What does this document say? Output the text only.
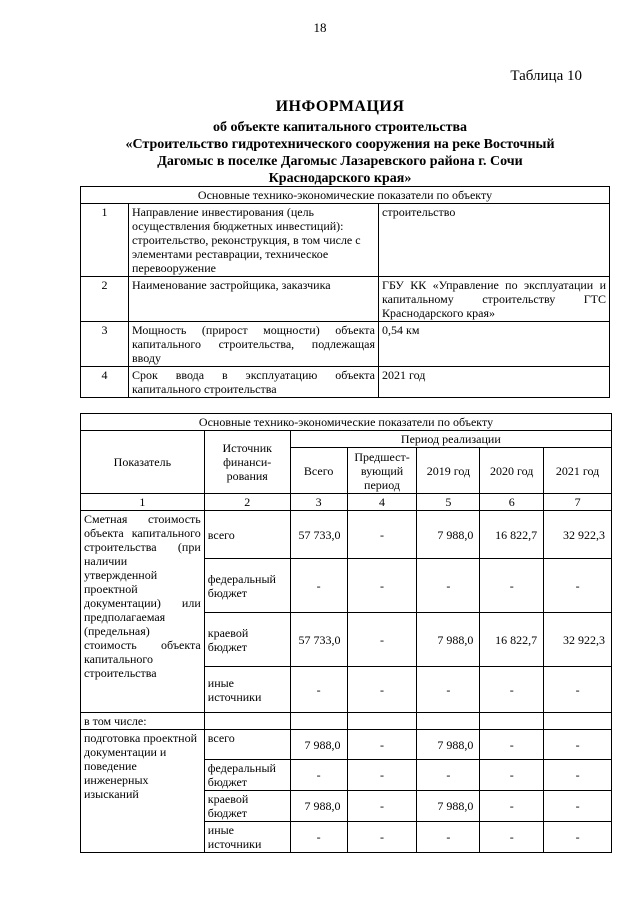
18
Таблица 10
ИНФОРМАЦИЯ
об объекте капитального строительства
«Строительство гидротехнического сооружения на реке Восточный
Дагомыс в поселке Дагомыс Лазаревского района г. Сочи
Краснодарского края»
Основные технико-экономические показатели по объекту		
1	Направление инвестирования (цель осуществления бюджетных инвестиций): строительство, реконструкция, в том числе с элементами реставрации, техническое перевооружение	строительство
2	Наименование застройщика, заказчика	ГБУ КК «Управление по эксплуатации и капитальному строительству ГТС Краснодарского края»
3	Мощность (прирост мощности) объекта капитального строительства, подлежащая вводу	0,54 км
4	Срок ввода в эксплуатацию объекта капитального строительства	2021 год
Основные технико-экономические показатели по объекту						
Показатель	Источник финанси-рования	Период реализации				
		Всего	Предшест-вующий период	2019 год	2020 год	2021 год
1	2	3	4	5	6	7
Сметная стоимость объекта капитального строительства (при наличии утвержденной проектной документации) или предполагаемая (предельная) стоимость объекта капитального строительства	всего	57 733,0	-	7 988,0	16 822,7	32 922,3
	федеральный бюджет	-	-	-	-	-
	краевой бюджет	57 733,0	-	7 988,0	16 822,7	32 922,3
	иные источники	-	-	-	-	-
в том числе:						
подготовка проектной документации и поведение инженерных изысканий	всего	7 988,0	-	7 988,0	-	-
	федеральный бюджет	-	-	-	-	-
	краевой бюджет	7 988,0	-	7 988,0	-	-
	иные источники	-	-	-	-	-
